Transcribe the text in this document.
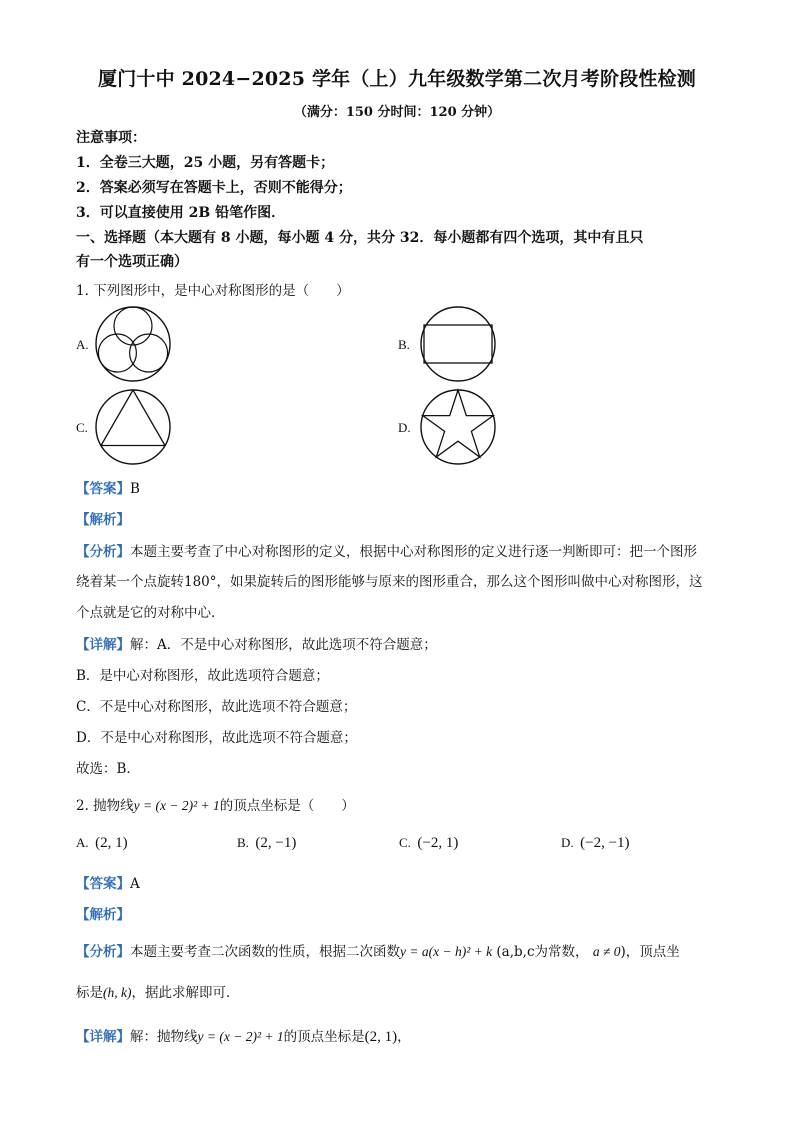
厦门十中 2024−2025 学年（上）九年级数学第二次月考阶段性检测
（满分：150 分时间：120 分钟）
注意事项：
1．全卷三大题，25 小题，另有答题卡；
2．答案必须写在答题卡上，否则不能得分；
3．可以直接使用 2B 铅笔作图．
一、选择题（本大题有 8 小题，每小题 4 分，共分 32．每小题都有四个选项，其中有且只
有一个选项正确）
1. 下列图形中，是中心对称图形的是（　　）
A.	B.
C.	D.
【答案】B
【解析】
【分析】本题主要考查了中心对称图形的定义，根据中心对称图形的定义进行逐一判断即可：把一个图形
绕着某一个点旋转180°，如果旋转后的图形能够与原来的图形重合，那么这个图形叫做中心对称图形，这
个点就是它的对称中心．
【详解】解：A．不是中心对称图形，故此选项不符合题意；
B．是中心对称图形，故此选项符合题意；
C．不是中心对称图形，故此选项不符合题意；
D．不是中心对称图形，故此选项不符合题意；
故选：B．
2. 抛物线y = (x − 2)² + 1的顶点坐标是（　　）
A. (2, 1)	B. (2, −1)	C. (−2, 1)	D. (−2, −1)
【答案】A
【解析】
【分析】本题主要考查二次函数的性质，根据二次函数y = a(x − h)² + k (a,b,c为常数， a ≠ 0)，顶点坐
标是(h, k)，据此求解即可．
【详解】解：抛物线y = (x − 2)² + 1的顶点坐标是(2, 1)，
